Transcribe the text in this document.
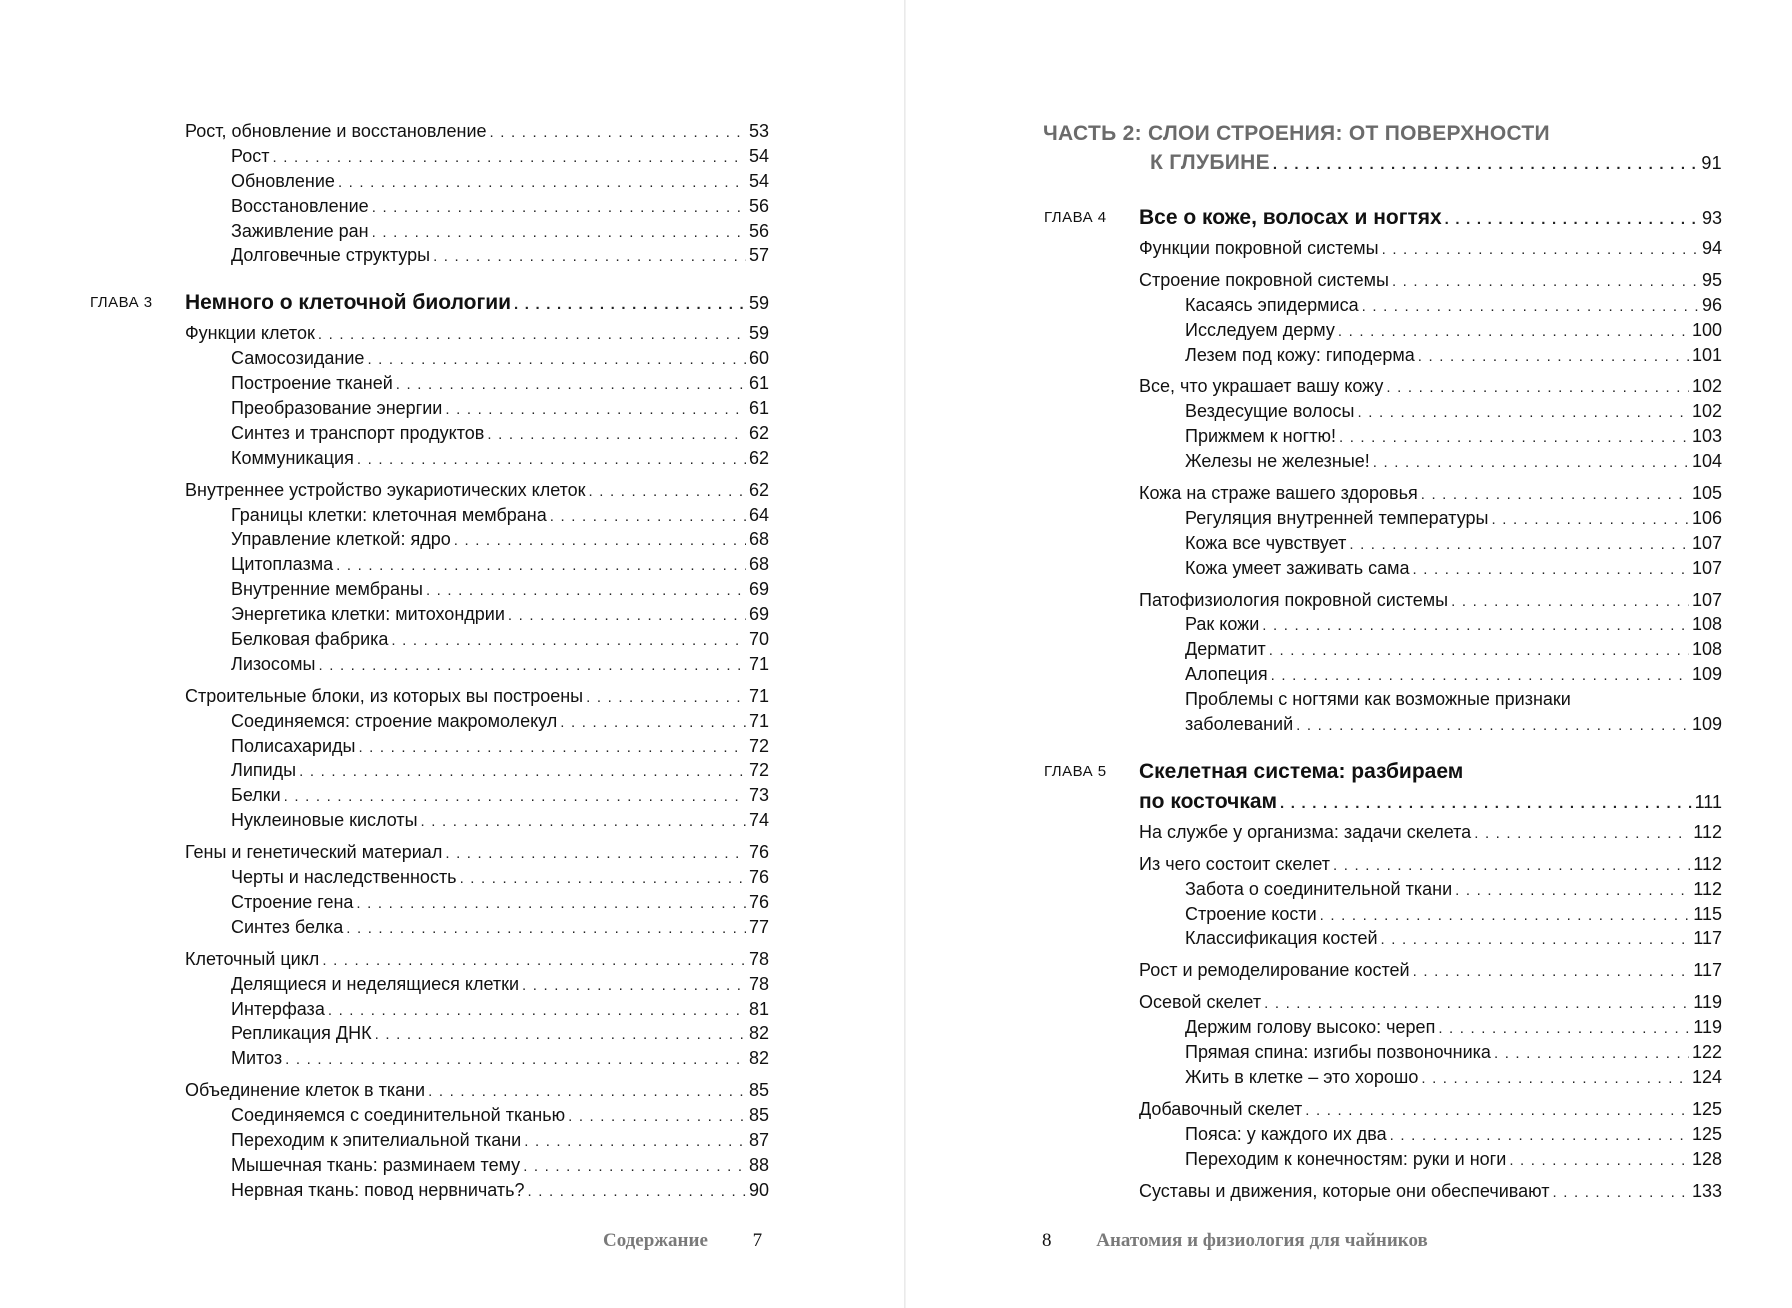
Рост, обновление и восстановление . . .	53
Рост . . .	54
Обновление . . .	54
Восстановление . . .	56
Заживление ран . . .	56
Долговечные структуры . . .	57
ГЛАВА 3 Немного о клеточной биологии . . .	59
Функции клеток . . .	59
Самосозидание . . .	60
Построение тканей . . .	61
Преобразование энергии . . .	61
Синтез и транспорт продуктов . . .	62
Коммуникация . . .	62
Внутреннее устройство эукариотических клеток . . .	62
Границы клетки: клеточная мембрана . . .	64
Управление клеткой: ядро . . .	68
Цитоплазма . . .	68
Внутренние мембраны . . .	69
Энергетика клетки: митохондрии . . .	69
Белковая фабрика . . .	70
Лизосомы . . .	71
Строительные блоки, из которых вы построены . . .	71
Соединяемся: строение макромолекул . . .	71
Полисахариды . . .	72
Липиды . . .	72
Белки . . .	73
Нуклеиновые кислоты . . .	74
Гены и генетический материал . . .	76
Черты и наследственность . . .	76
Строение гена . . .	76
Синтез белка . . .	77
Клеточный цикл . . .	78
Делящиеся и неделящиеся клетки . . .	78
Интерфаза . . .	81
Репликация ДНК . . .	82
Митоз . . .	82
Объединение клеток в ткани . . .	85
Соединяемся с соединительной тканью . . .	85
Переходим к эпителиальной ткани . . .	87
Мышечная ткань: разминаем тему . . .	88
Нервная ткань: повод нервничать? . . .	90
ЧАСТЬ 2: СЛОИ СТРОЕНИЯ: ОТ ПОВЕРХНОСТИ
К ГЛУБИНЕ . . .	91
ГЛАВА 4 Все о коже, волосах и ногтях . . .	93
Функции покровной системы . . .	94
Строение покровной системы . . .	95
Касаясь эпидермиса . . .	96
Исследуем дерму . . .	100
Лезем под кожу: гиподерма . . .	101
Все, что украшает вашу кожу . . .	102
Вездесущие волосы . . .	102
Прижмем к ногтю! . . .	103
Железы не железные! . . .	104
Кожа на страже вашего здоровья . . .	105
Регуляция внутренней температуры . . .	106
Кожа все чувствует . . .	107
Кожа умеет заживать сама . . .	107
Патофизиология покровной системы . . .	107
Рак кожи . . .	108
Дерматит . . .	108
Алопеция . . .	109
Проблемы с ногтями как возможные признаки
заболеваний . . .	109
ГЛАВА 5 Скелетная система: разбираем
по косточкам . . .	111
На службе у организма: задачи скелета . . .	112
Из чего состоит скелет . . .	112
Забота о соединительной ткани . . .	112
Строение кости . . .	115
Классификация костей . . .	117
Рост и ремоделирование костей . . .	117
Осевой скелет . . .	119
Держим голову высоко: череп . . .	119
Прямая спина: изгибы позвоночника . . .	122
Жить в клетке – это хорошо . . .	124
Добавочный скелет . . .	125
Пояса: у каждого их два . . .	125
Переходим к конечностям: руки и ноги . . .	128
Суставы и движения, которые они обеспечивают . . .	133
Содержание 7	8 Анатомия и физиология для чайников
